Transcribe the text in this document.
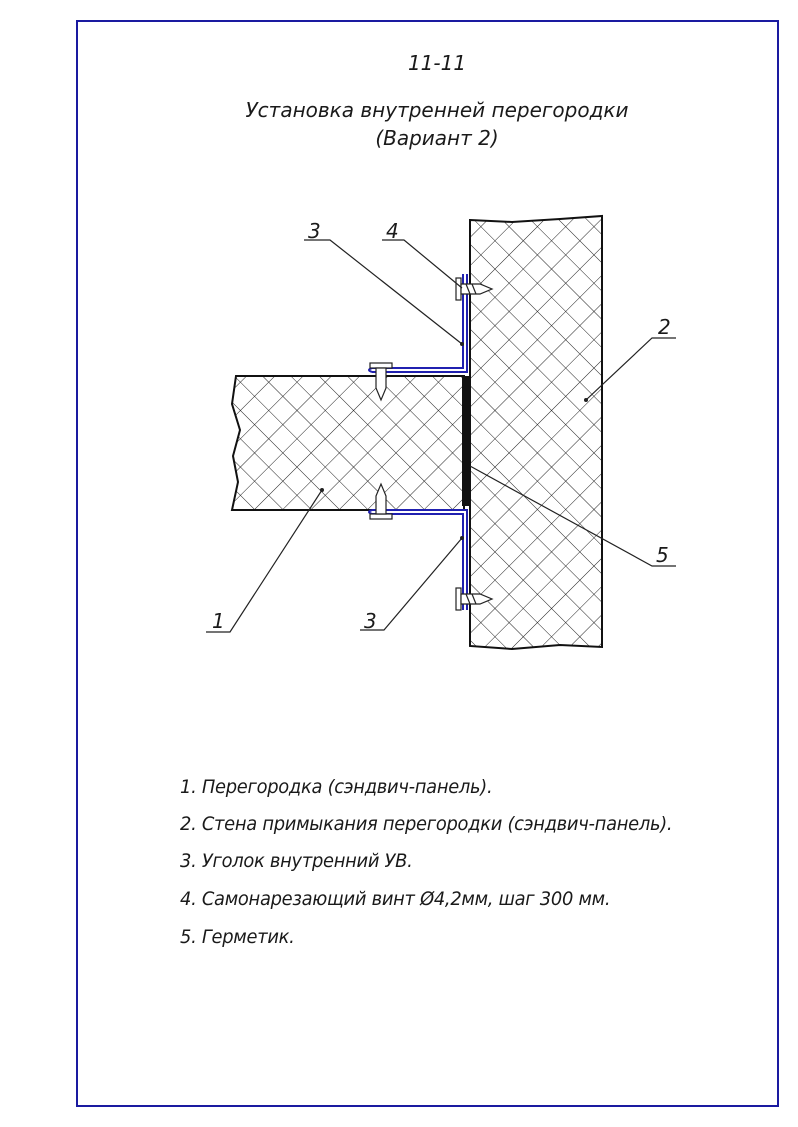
11-11
Установка внутренней перегородки
(Вариант 2)
1
2
3
3
4
5
1. Перегородка (сэндвич-панель).
2. Стена примыкания перегородки (сэндвич-панель).
3. Уголок внутренний УВ.
4. Самонарезающий винт Ø4,2мм, шаг 300 мм.
5. Герметик.
